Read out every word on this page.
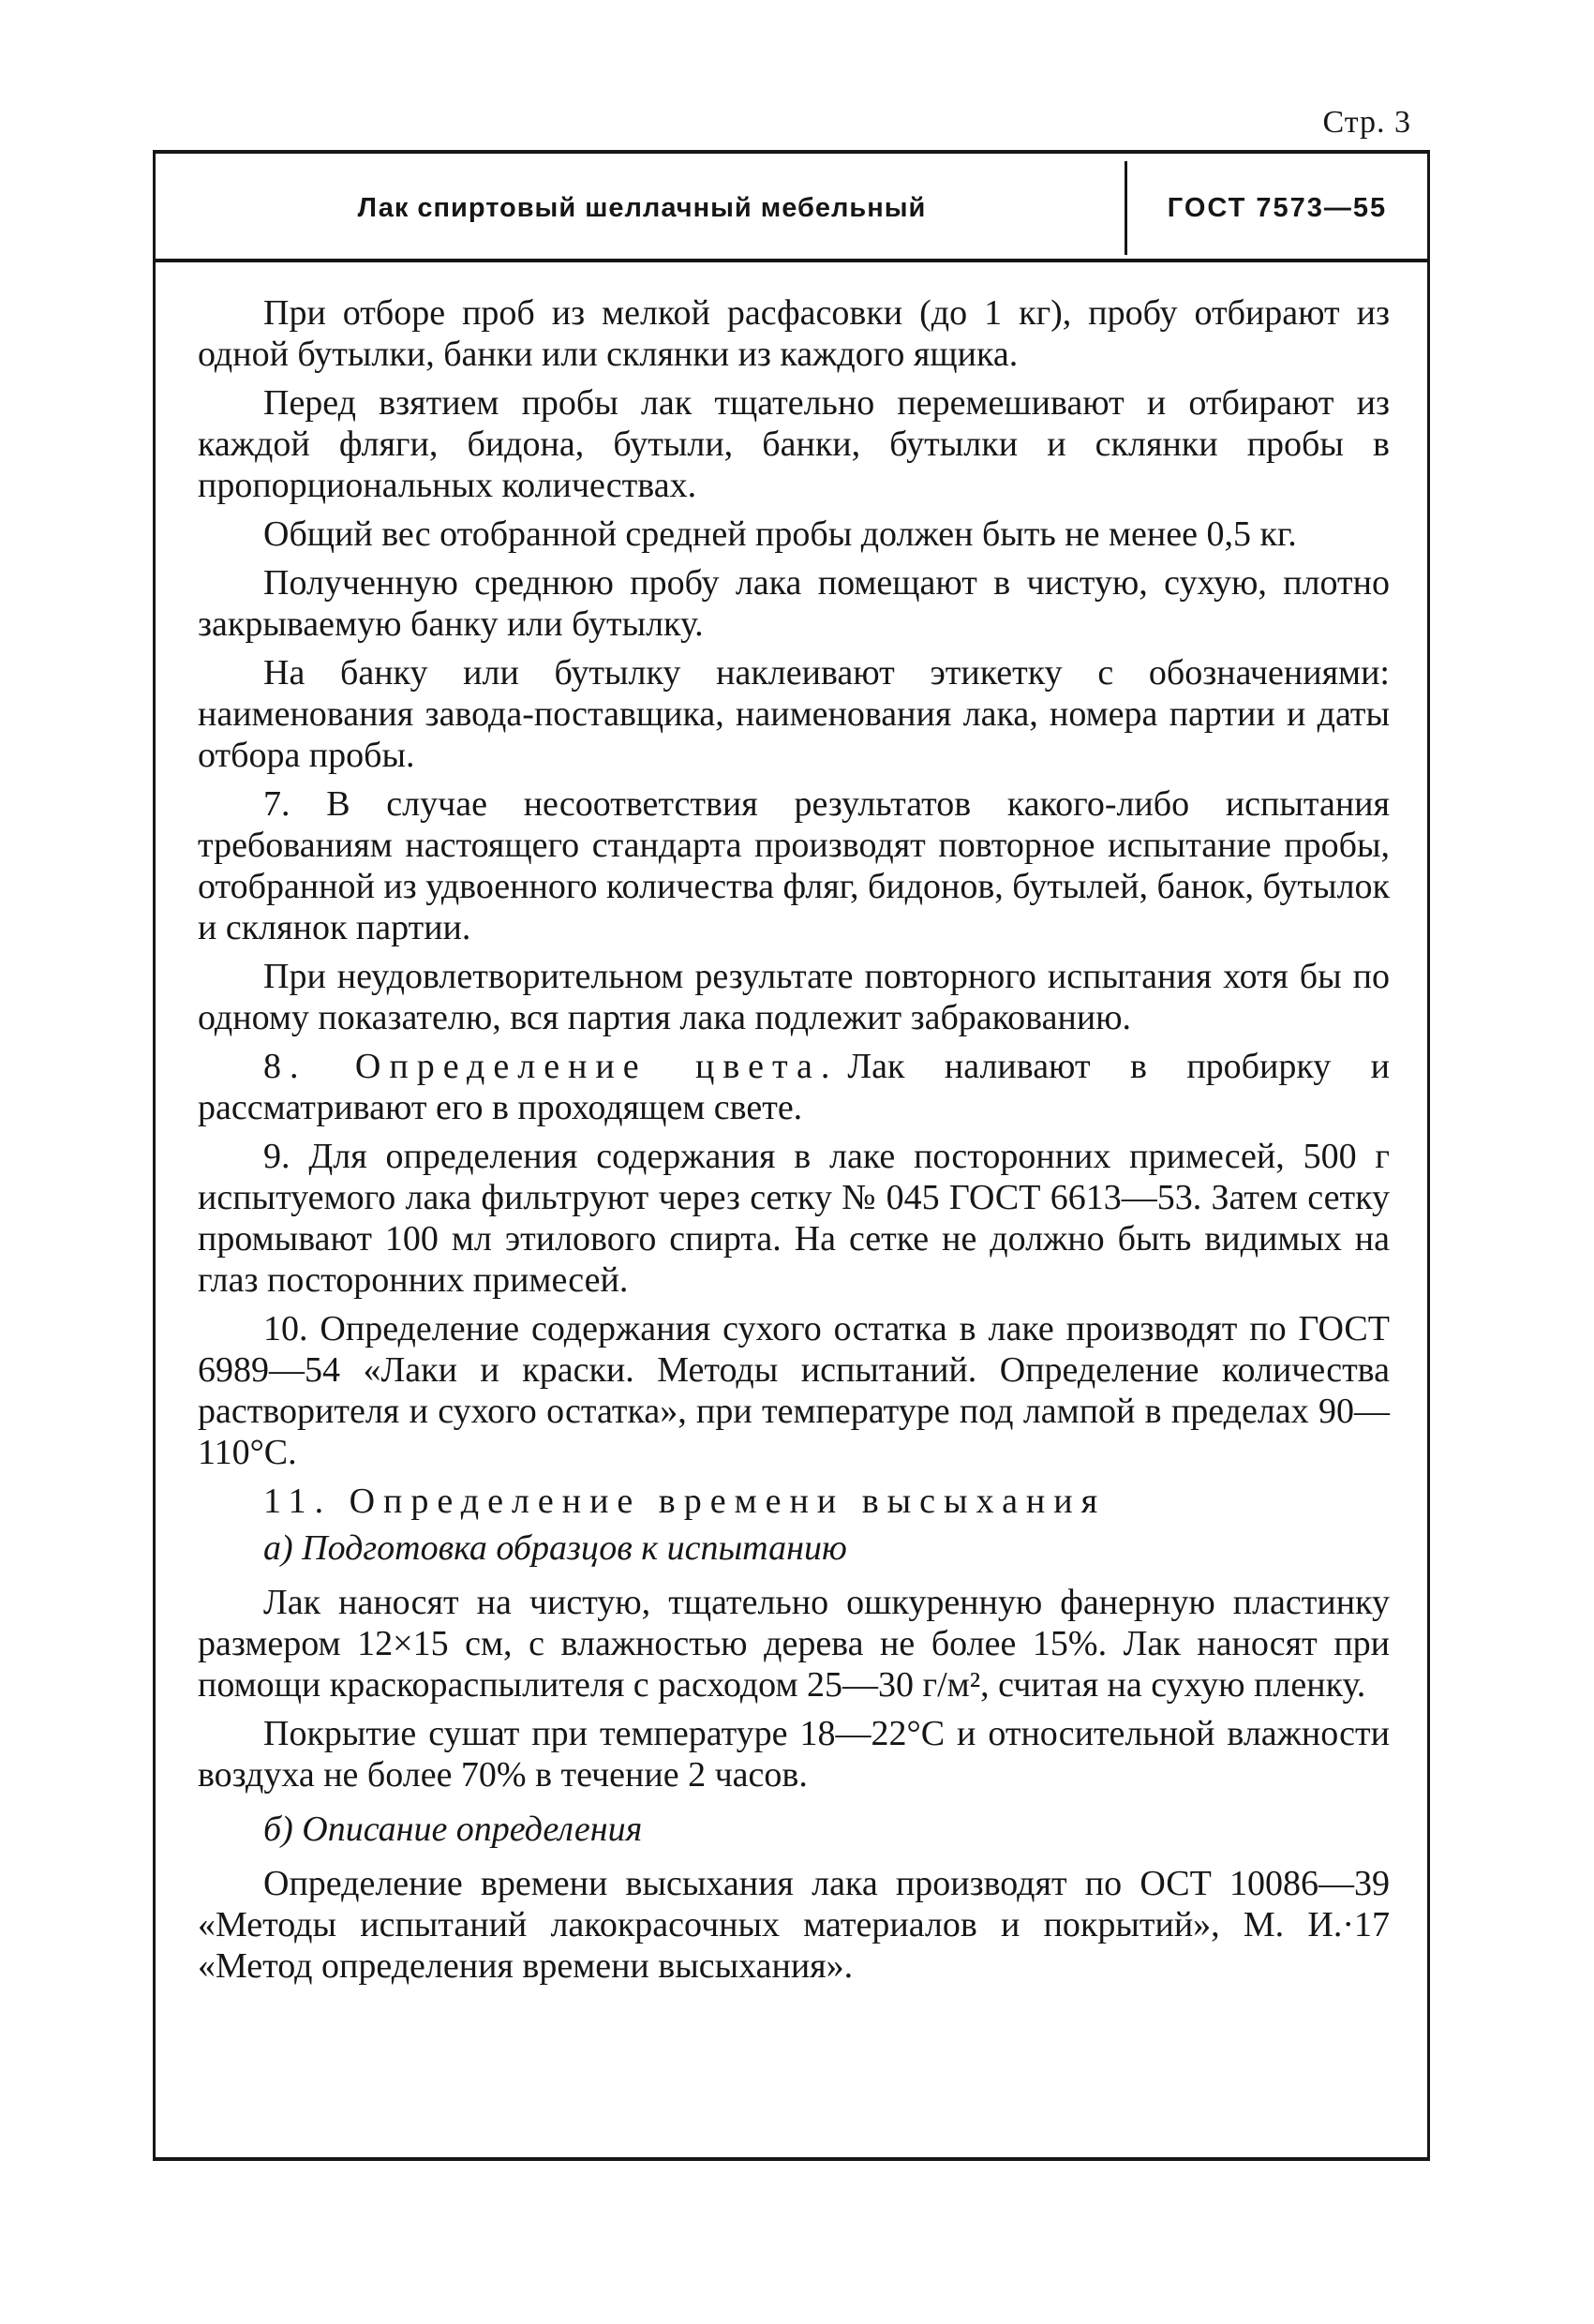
Стр. 3
Лак спиртовый шеллачный мебельный	ГОСТ 7573—55

При отборе проб из мелкой расфасовки (до 1 кг), пробу отбирают из одной бутылки, банки или склянки из каждого ящика.

Перед взятием пробы лак тщательно перемешивают и отбирают из каждой фляги, бидона, бутыли, банки, бутылки и склянки пробы в пропорциональных количествах.

Общий вес отобранной средней пробы должен быть не менее 0,5 кг.

Полученную среднюю пробу лака помещают в чистую, сухую, плотно закрываемую банку или бутылку.

На банку или бутылку наклеивают этикетку с обозначениями: наименования завода-поставщика, наименования лака, номера партии и даты отбора пробы.

7. В случае несоответствия результатов какого-либо испытания требованиям настоящего стандарта производят повторное испытание пробы, отобранной из удвоенного количества фляг, бидонов, бутылей, банок, бутылок и склянок партии.

При неудовлетворительном результате повторного испытания хотя бы по одному показателю, вся партия лака подлежит забракованию.

8. Определение цвета. Лак наливают в пробирку и рассматривают его в проходящем свете.

9. Для определения содержания в лаке посторонних примесей, 500 г испытуемого лака фильтруют через сетку № 045 ГОСТ 6613—53. Затем сетку промывают 100 мл этилового спирта. На сетке не должно быть видимых на глаз посторонних примесей.

10. Определение содержания сухого остатка в лаке производят по ГОСТ 6989—54 «Лаки и краски. Методы испытаний. Определение количества растворителя и сухого остатка», при температуре под лампой в пределах 90—110°С.

11. Определение времени высыхания

а) Подготовка образцов к испытанию

Лак наносят на чистую, тщательно ошкуренную фанерную пластинку размером 12×15 см, с влажностью дерева не более 15%. Лак наносят при помощи краскораспылителя с расходом 25—30 г/м², считая на сухую пленку.

Покрытие сушат при температуре 18—22°С и относительной влажности воздуха не более 70% в течение 2 часов.

б) Описание определения

Определение времени высыхания лака производят по ОСТ 10086—39 «Методы испытаний лакокрасочных материалов и покрытий», М. И.·17 «Метод определения времени высыхания».
